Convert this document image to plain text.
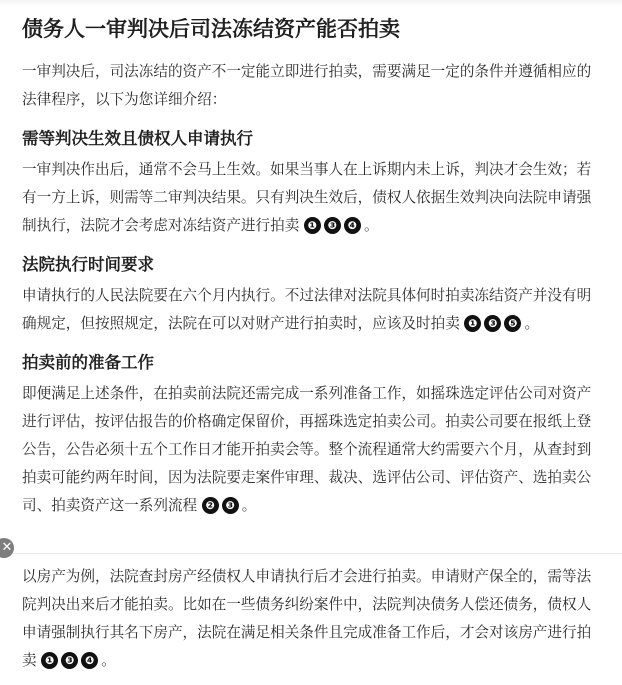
债务人一审判决后司法冻结资产能否拍卖

一审判决后，司法冻结的资产不一定能立即进行拍卖，需要满足一定的条件并遵循相应的法律程序，以下为您详细介绍：

需等判决生效且债权人申请执行

一审判决作出后，通常不会马上生效。如果当事人在上诉期内未上诉，判决才会生效；若有一方上诉，则需等二审判决结果。只有判决生效后，债权人依据生效判决向法院申请强制执行，法院才会考虑对冻结资产进行拍卖 ❶ ❸ ❹ 。

法院执行时间要求

申请执行的人民法院要在六个月内执行。不过法律对法院具体何时拍卖冻结资产并没有明确规定，但按照规定，法院在可以对财产进行拍卖时，应该及时拍卖 ❶ ❸ ❺ 。

拍卖前的准备工作

即便满足上述条件，在拍卖前法院还需完成一系列准备工作，如摇珠选定评估公司对资产进行评估，按评估报告的价格确定保留价，再摇珠选定拍卖公司。拍卖公司要在报纸上登公告，公告必须十五个工作日才能开拍卖会等。整个流程通常大约需要六个月，从查封到拍卖可能约两年时间，因为法院要走案件审理、裁决、选评估公司、评估资产、选拍卖公司、拍卖资产这一系列流程 ❷ ❸ 。

✕

以房产为例，法院查封房产经债权人申请执行后才会进行拍卖。申请财产保全的，需等法院判决出来后才能拍卖。比如在一些债务纠纷案件中，法院判决债务人偿还债务，债权人申请强制执行其名下房产，法院在满足相关条件且完成准备工作后，才会对该房产进行拍卖 ❶ ❸ ❹ 。
